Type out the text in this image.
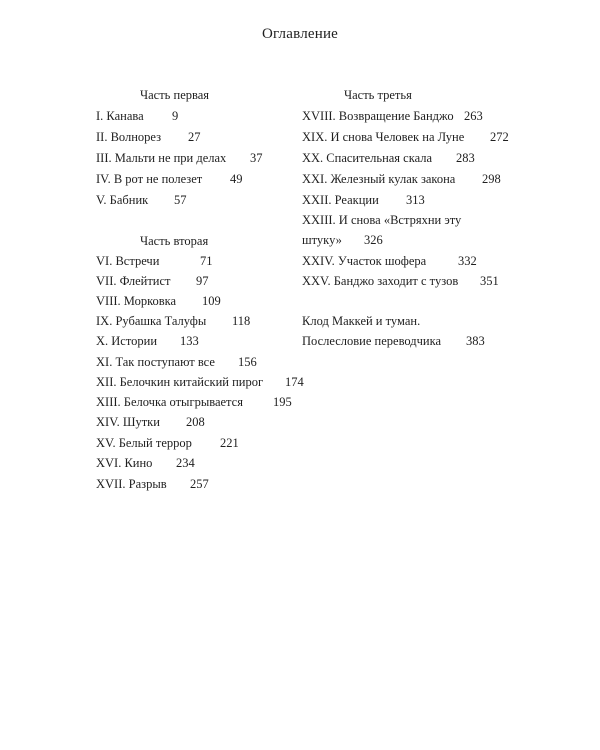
Оглавление
Часть первая
I. Канава 9
II. Волнорез 27
III. Мальти не при делах 37
IV. В рот не полезет 49
V. Бабник 57
Часть вторая
VI. Встречи	71
VII. Флейтист 97
VIII. Морковка 109
IX. Рубашка Талуфы 118
X. Истории 133
XI. Так поступают все 156
XII. Белочкин китайский пирог 174
XIII. Белочка отыгрывается 195
XIV. Шутки 208
XV. Белый террор 221
XVI. Кино 234
XVII. Разрыв 257
Часть третья
XVIII. Возвращение Банджо 263
XIX. И снова Человек на Луне 272
XX. Спасительная скала 283
XXI. Железный кулак закона 298
XXII. Реакции 313
XXIII. И снова «Встряхни эту
штуку» 326
XXIV. Участок шофера	332
XXV. Банджо заходит с тузов 351
Клод Маккей и туман.
Послесловие переводчика 383
